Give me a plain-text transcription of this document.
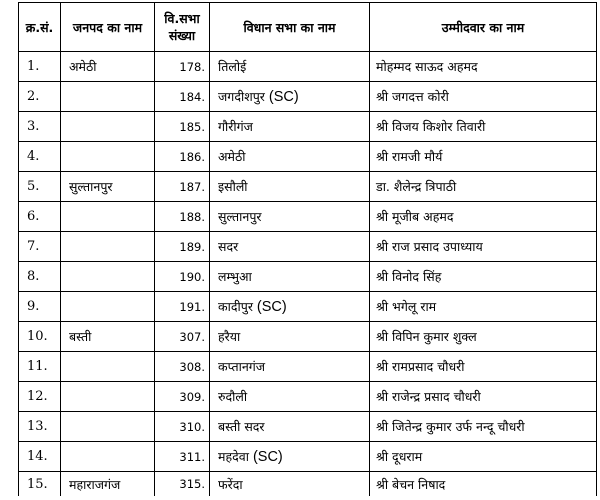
क्र.सं.	जनपद का नाम	वि.सभा संख्या	विधान सभा का नाम	उम्मीदवार का नाम
1.	अमेठी	178.	तिलोई	मोहम्मद साऊद अहमद
2.		184.	जगदीशपुर (SC)	श्री जगदत्त कोरी
3.		185.	गौरीगंज	श्री विजय किशोर तिवारी
4.		186.	अमेठी	श्री रामजी मौर्य
5.	सुल्तानपुर	187.	इसौली	डा. शैलेन्द्र त्रिपाठी
6.		188.	सुल्तानपुर	श्री मूजीब अहमद
7.		189.	सदर	श्री राज प्रसाद उपाध्याय
8.		190.	लम्भुआ	श्री विनोद सिंह
9.		191.	कादीपुर (SC)	श्री भगेलू राम
10.	बस्ती	307.	हरैया	श्री विपिन कुमार शुक्ल
11.		308.	कप्तानगंज	श्री रामप्रसाद चौधरी
12.		309.	रुदौली	श्री राजेन्द्र प्रसाद चौधरी
13.		310.	बस्ती सदर	श्री जितेन्द्र कुमार उर्फ नन्दू चौधरी
14.		311.	महदेवा (SC)	श्री दूधराम
15.	महाराजगंज	315.	फरेंदा	श्री बेचन निषाद
